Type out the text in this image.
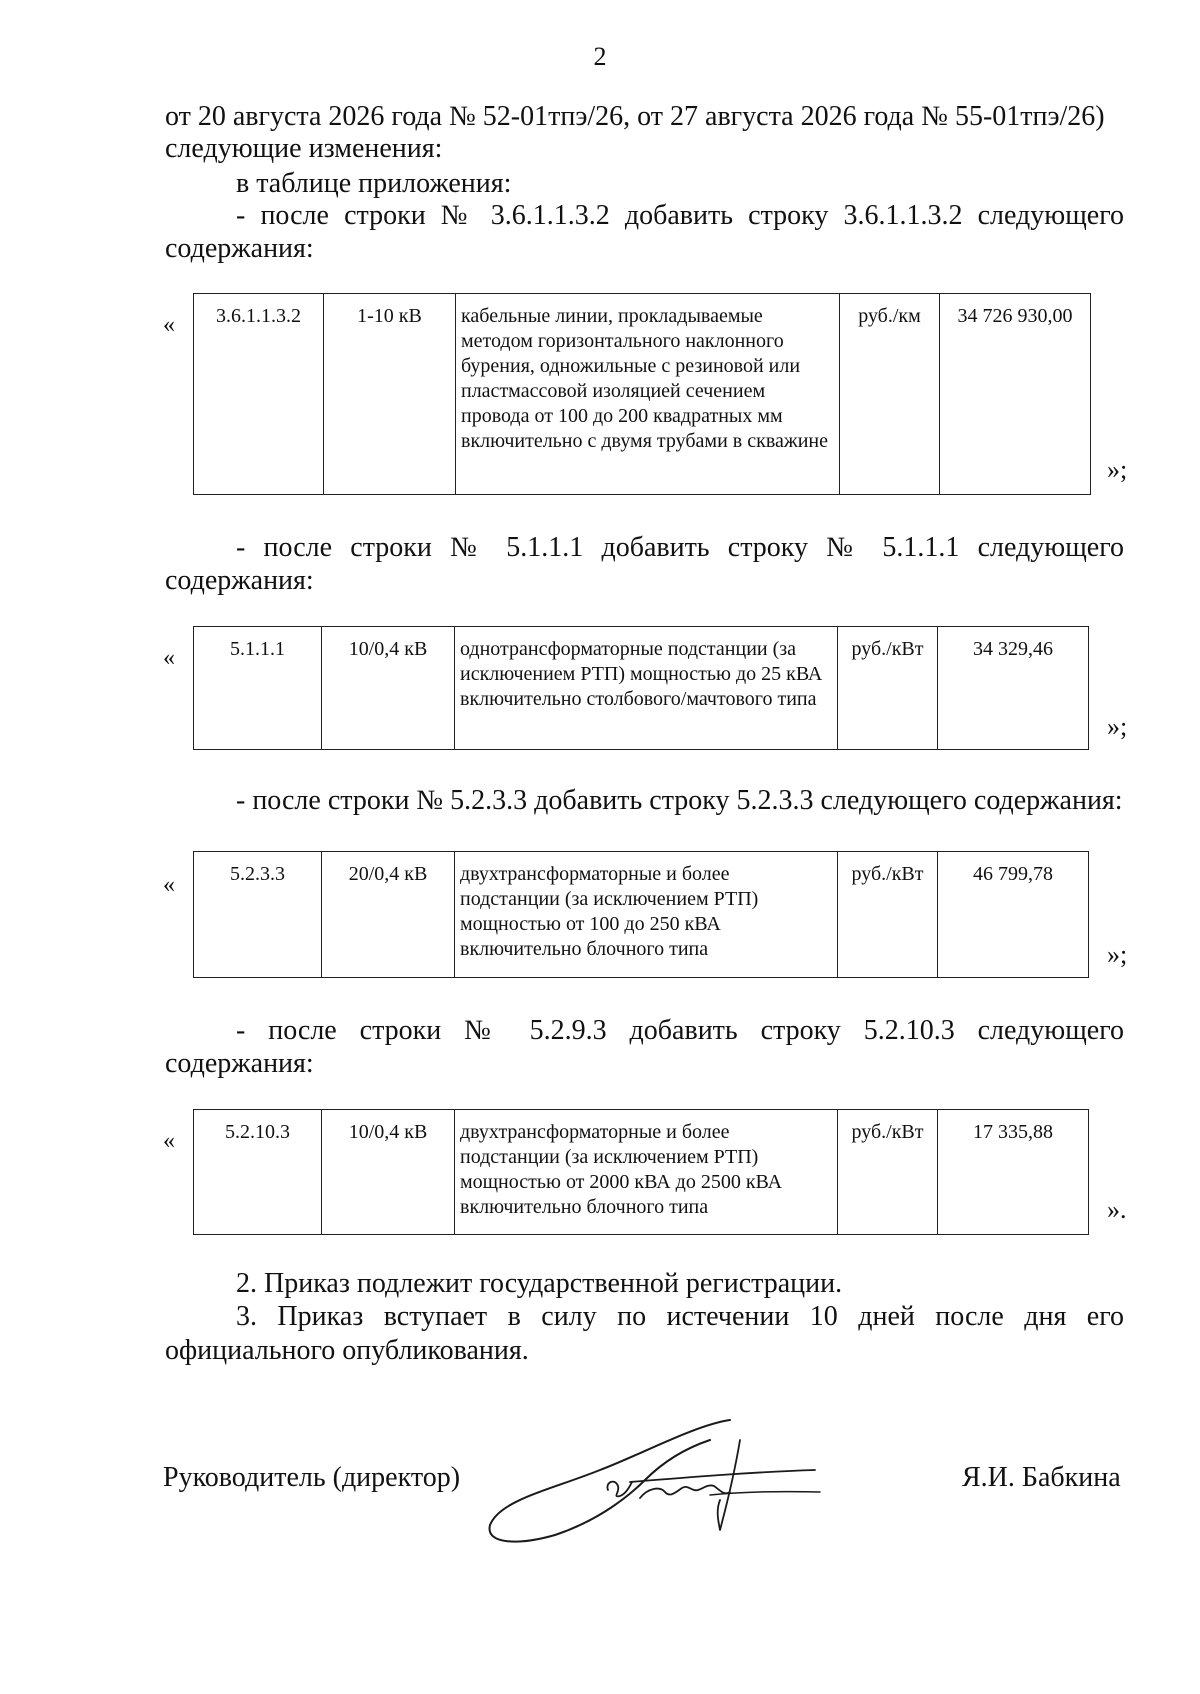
2
от 20 августа 2026 года № 52-01тпэ/26, от 27 августа 2026 года № 55-01тпэ/26)
следующие изменения:
в таблице приложения:
- после строки № 3.6.1.1.3.2 добавить строку 3.6.1.1.3.2 следующего
содержания:
« 3.6.1.1.3.2	1-10 кВ	кабельные линии, прокладываемые методом горизонтального наклонного бурения, одножильные с резиновой или пластмассовой изоляцией сечением провода от 100 до 200 квадратных мм включительно с двумя трубами в скважине	руб./км	34 726 930,00
»;
- после строки № 5.1.1.1 добавить строку № 5.1.1.1 следующего
содержания:
«	5.1.1.1	10/0,4 кВ	однотрансформаторные подстанции (за исключением РТП) мощностью до 25 кВА включительно столбового/мачтового типа	руб./кВт	34 329,46
»;
- после строки № 5.2.3.3 добавить строку 5.2.3.3 следующего содержания:
«	5.2.3.3	20/0,4 кВ	двухтрансформаторные и более подстанции (за исключением РТП) мощностью от 100 до 250 кВА включительно блочного типа	руб./кВт	46 799,78
»;
- после строки № 5.2.9.3 добавить строку 5.2.10.3 следующего
содержания:
«	5.2.10.3	10/0,4 кВ	двухтрансформаторные и более подстанции (за исключением РТП) мощностью от 2000 кВА до 2500 кВА включительно блочного типа	руб./кВт	17 335,88
».
2. Приказ подлежит государственной регистрации.
3. Приказ вступает в силу по истечении 10 дней после дня его
официального опубликования.
Руководитель (директор)	Я.И. Бабкина
